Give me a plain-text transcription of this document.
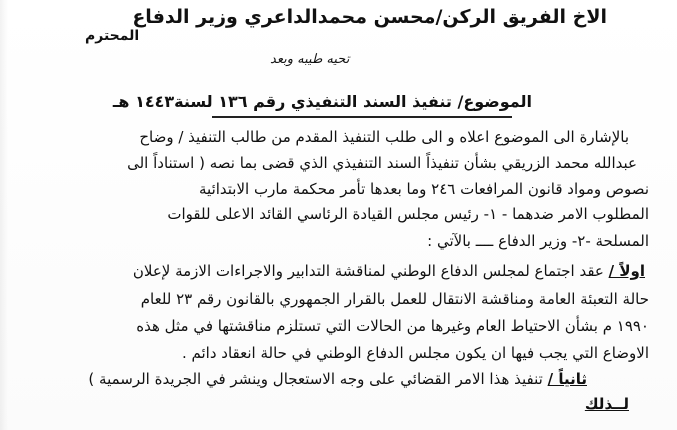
الاخ الفريق الركن/محسن محمدالداعري وزير الدفاع
المحترم
تحيه طيبه وبعد
الموضوع/ تنفيذ السند التنفيذي رقم ١٣٦ لسنة١٤٤٣ هـ
بالإشارة الى الموضوع اعلاه و الى طلب التنفيذ المقدم من طالب التنفيذ / وضاح
عبدالله محمد الزريقي بشأن تنفيذاً السند التنفيذي الذي قضى بما نصه ( استناداً الى
نصوص ومواد قانون المرافعات ٢٤٦ وما بعدها تأمر محكمة مارب الابتدائية
المطلوب الامر ضدهما - ١- رئيس مجلس القيادة الرئاسي القائد الاعلى للقوات
المسلحة -٢- وزير الدفاع ــــ بالآتي :
اولاً / عقد اجتماع لمجلس الدفاع الوطني لمناقشة التدابير والاجراءات الازمة لإعلان
حالة التعبئة العامة ومناقشة الانتقال للعمل بالقرار الجمهوري بالقانون رقم ٢٣ للعام
١٩٩٠ م بشأن الاحتياط العام وغيرها من الحالات التي تستلزم مناقشتها في مثل هذه
الاوضاع التي يجب فيها ان يكون مجلس الدفاع الوطني في حالة انعقاد دائم .
ثانياً / تنفيذ هذا الامر القضائي على وجه الاستعجال وينشر في الجريدة الرسمية )
لــذلك
